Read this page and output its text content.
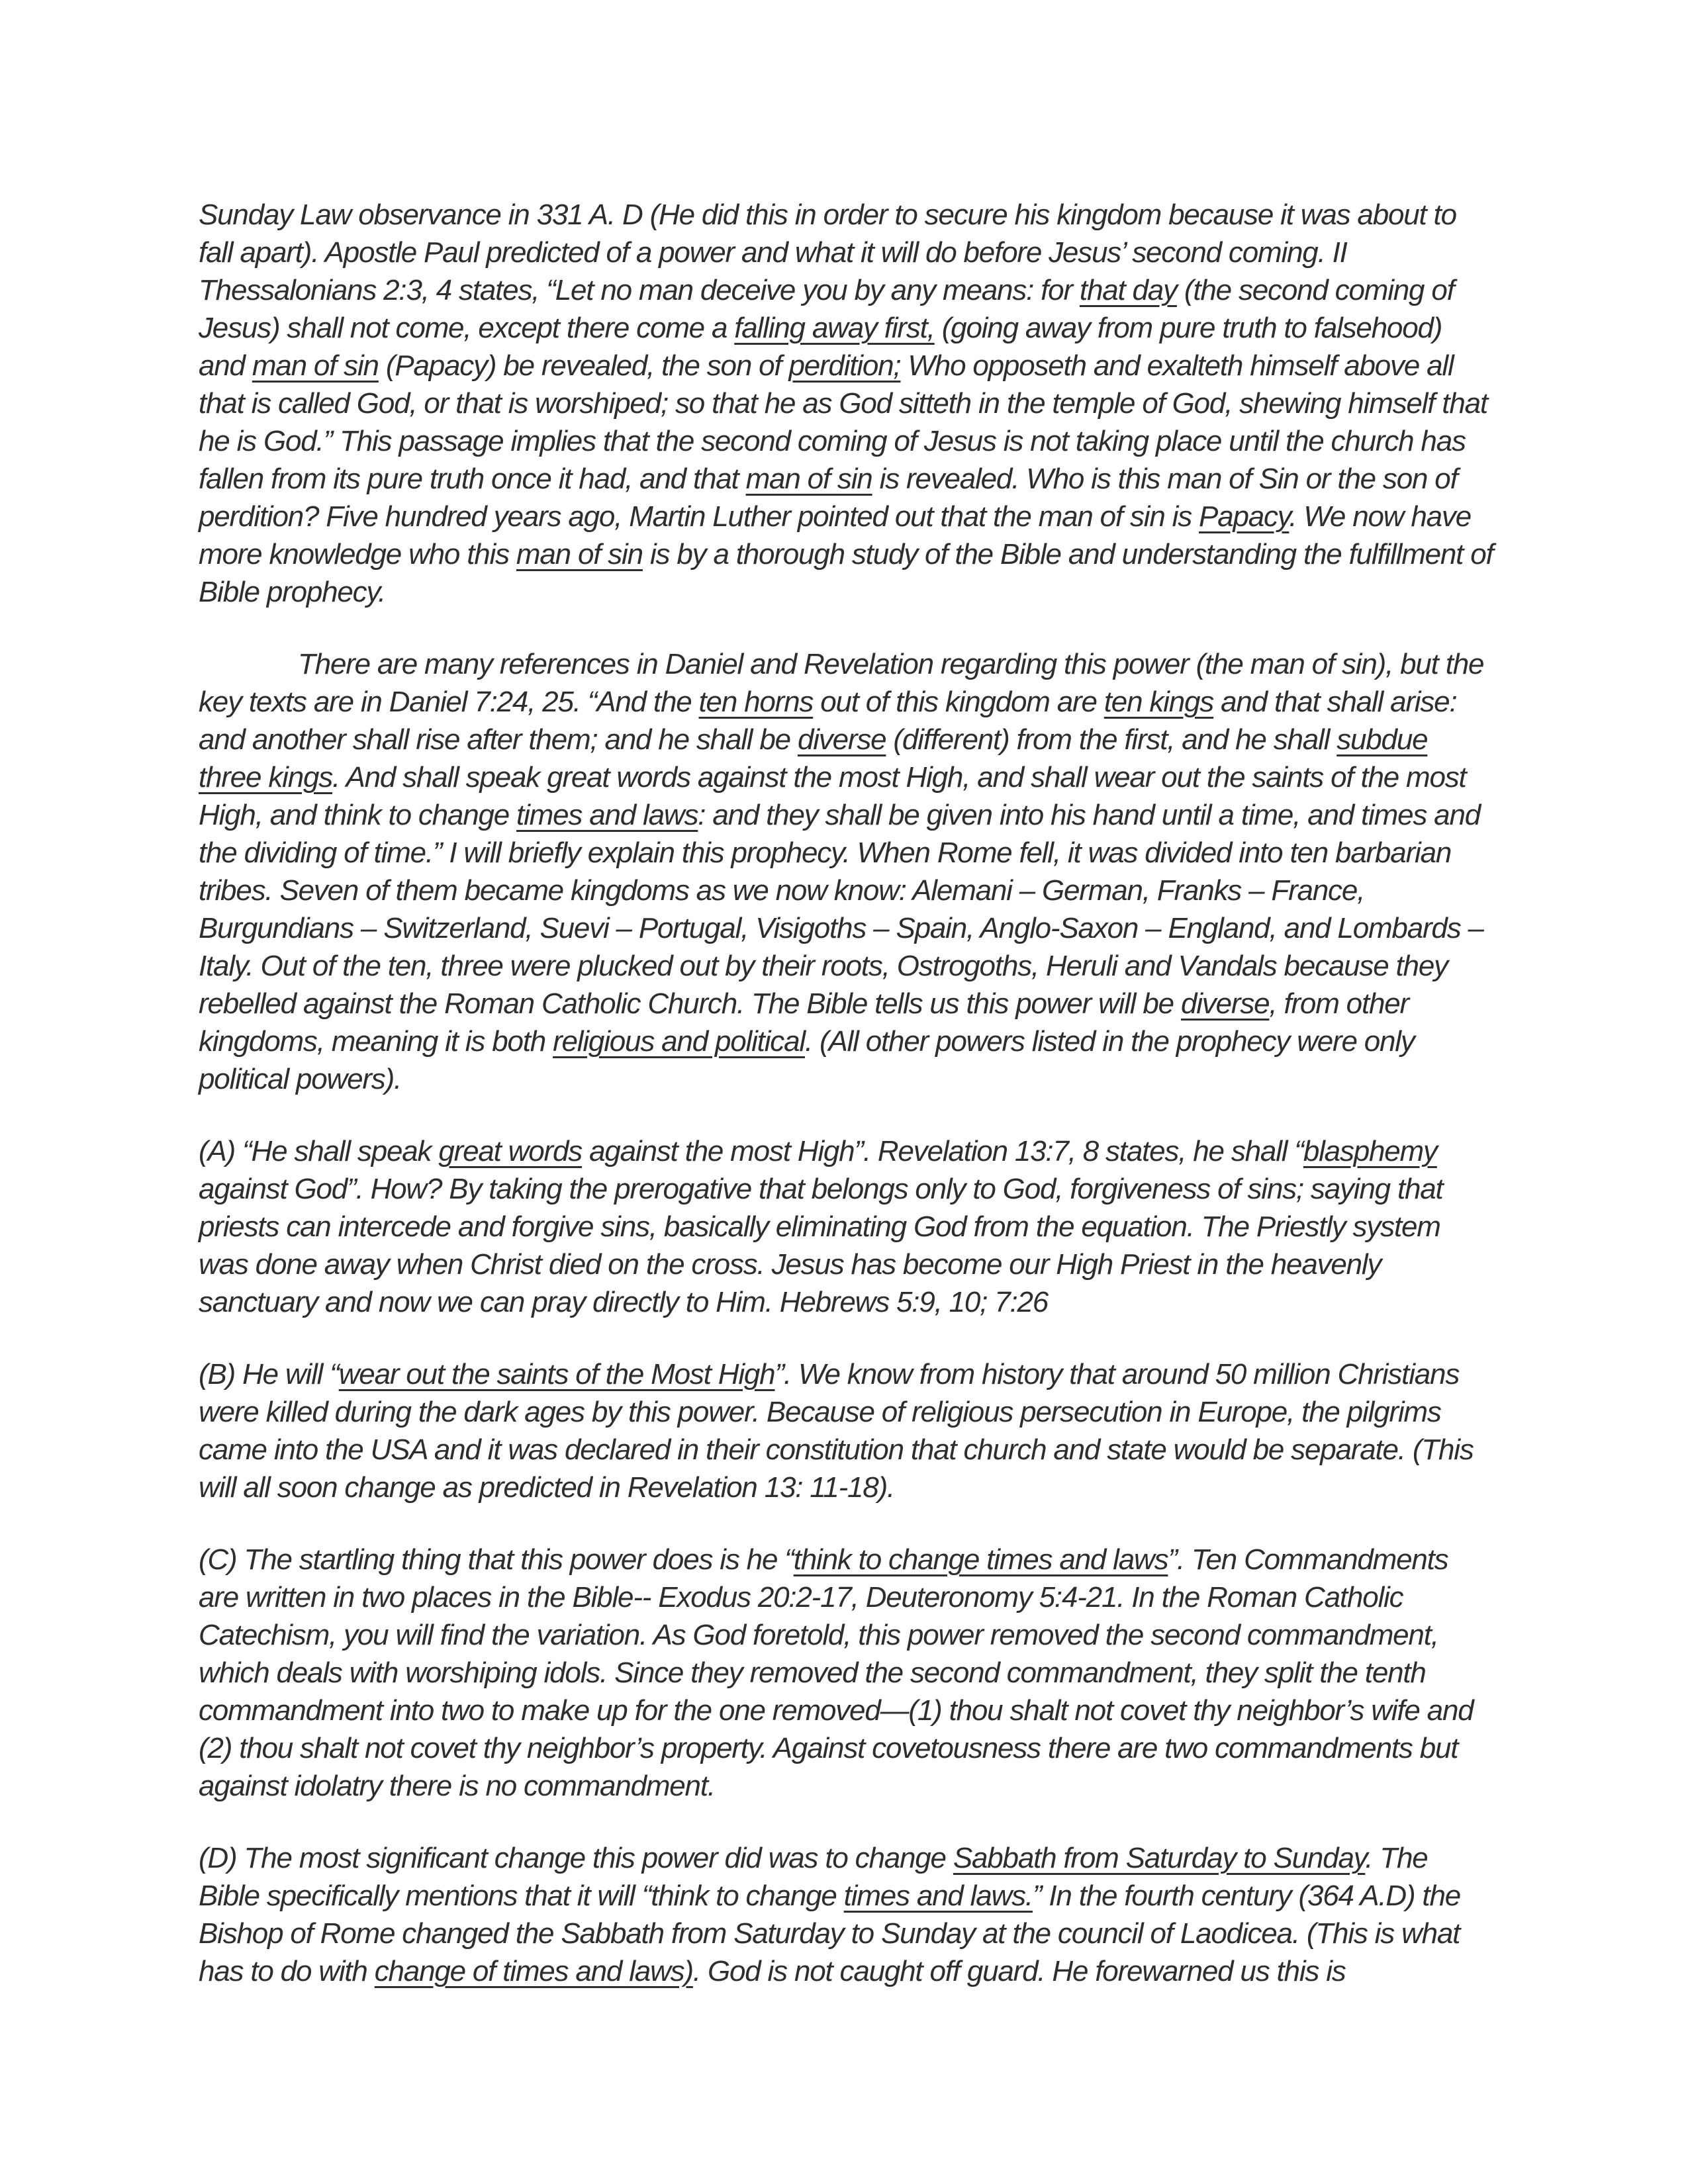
Sunday Law observance in 331 A. D (He did this in order to secure his kingdom because it was about to fall apart). Apostle Paul predicted of a power and what it will do before Jesus’ second coming. II Thessalonians 2:3, 4 states, “Let no man deceive you by any means: for that day (the second coming of Jesus) shall not come, except there come a falling away first, (going away from pure truth to falsehood) and man of sin (Papacy) be revealed, the son of perdition; Who opposeth and exalteth himself above all that is called God, or that is worshiped; so that he as God sitteth in the temple of God, shewing himself that he is God.” This passage implies that the second coming of Jesus is not taking place until the church has fallen from its pure truth once it had, and that man of sin is revealed. Who is this man of Sin or the son of perdition? Five hundred years ago, Martin Luther pointed out that the man of sin is Papacy. We now have more knowledge who this man of sin is by a thorough study of the Bible and understanding the fulfillment of Bible prophecy.

There are many references in Daniel and Revelation regarding this power (the man of sin), but the key texts are in Daniel 7:24, 25. “And the ten horns out of this kingdom are ten kings and that shall arise: and another shall rise after them; and he shall be diverse (different) from the first, and he shall subdue three kings. And shall speak great words against the most High, and shall wear out the saints of the most High, and think to change times and laws: and they shall be given into his hand until a time, and times and the dividing of time.” I will briefly explain this prophecy. When Rome fell, it was divided into ten barbarian tribes. Seven of them became kingdoms as we now know: Alemani – German, Franks – France, Burgundians – Switzerland, Suevi – Portugal, Visigoths – Spain, Anglo-Saxon – England, and Lombards – Italy. Out of the ten, three were plucked out by their roots, Ostrogoths, Heruli and Vandals because they rebelled against the Roman Catholic Church. The Bible tells us this power will be diverse, from other kingdoms, meaning it is both religious and political. (All other powers listed in the prophecy were only political powers).

(A) “He shall speak great words against the most High”. Revelation 13:7, 8 states, he shall “blasphemy against God”. How? By taking the prerogative that belongs only to God, forgiveness of sins; saying that priests can intercede and forgive sins, basically eliminating God from the equation. The Priestly system was done away when Christ died on the cross. Jesus has become our High Priest in the heavenly sanctuary and now we can pray directly to Him. Hebrews 5:9, 10; 7:26

(B) He will “wear out the saints of the Most High”. We know from history that around 50 million Christians were killed during the dark ages by this power. Because of religious persecution in Europe, the pilgrims came into the USA and it was declared in their constitution that church and state would be separate. (This will all soon change as predicted in Revelation 13: 11-18).

(C) The startling thing that this power does is he “think to change times and laws”. Ten Commandments are written in two places in the Bible-- Exodus 20:2-17, Deuteronomy 5:4-21. In the Roman Catholic Catechism, you will find the variation. As God foretold, this power removed the second commandment, which deals with worshiping idols. Since they removed the second commandment, they split the tenth commandment into two to make up for the one removed—(1) thou shalt not covet thy neighbor’s wife and (2) thou shalt not covet thy neighbor’s property. Against covetousness there are two commandments but against idolatry there is no commandment.

(D) The most significant change this power did was to change Sabbath from Saturday to Sunday. The Bible specifically mentions that it will “think to change times and laws.” In the fourth century (364 A.D) the Bishop of Rome changed the Sabbath from Saturday to Sunday at the council of Laodicea. (This is what has to do with change of times and laws). God is not caught off guard. He forewarned us this is
